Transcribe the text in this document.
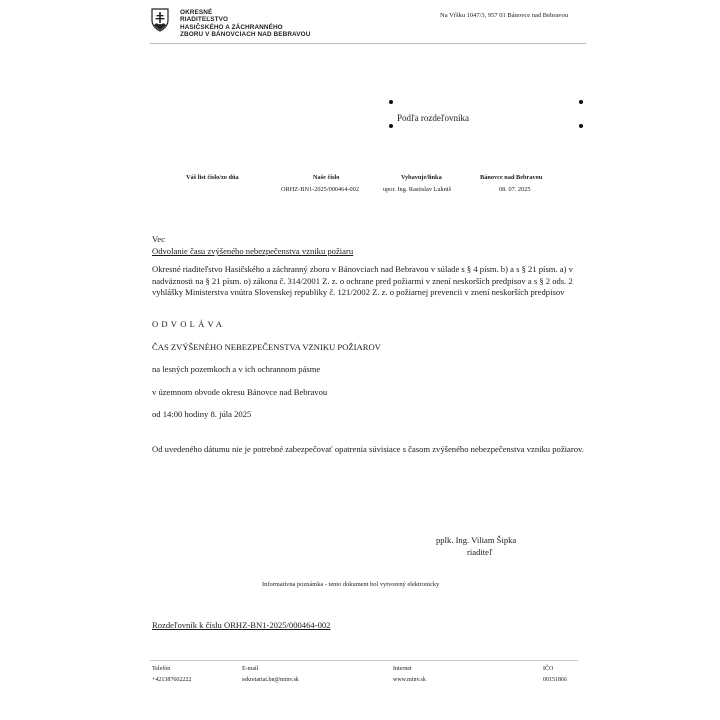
OKRESNÉ
RIADITEĽSTVO
HASIČSKÉHO A ZÁCHRANNÉHO
ZBORU V BÁNOVCIACH NAD BEBRAVOU
Na Vŕšku 1047/3, 957 01 Bánovce nad Bebravou
Podľa rozdeľovníka
Váš list číslo/zo dňa	Naše číslo
ORHZ-BN1-2025/000464-002
Vybavuje/linka
upor. Ing. Rastislav Lukniš
Bánovce nad Bebravou
08. 07. 2025
Vec
Odvolanie času zvýšeného nebezpečenstva vzniku požiaru
Okresné riaditeľstvo Hasičského a záchranný zboru v Bánovciach nad Bebravou v súlade s § 4 písm. b) a s § 21 písm. a) v nadväznosti na § 21 písm. o) zákona č. 314/2001 Z. z. o ochrane pred požiarmi v znení neskorších predpisov a s § 2 ods. 2 vyhlášky Ministerstva vnútra Slovenskej republiky č. 121/2002 Z. z. o požiarnej prevencii v znení neskorších predpisov
ODVOLÁVA
ČAS ZVÝŠENÉHO NEBEZPEČENSTVA VZNIKU POŽIAROV
na lesných pozemkoch a v ich ochrannom pásme
v územnom obvode okresu Bánovce nad Bebravou
od 14:00 hodiny 8. júla 2025
Od uvedeného dátumu nie je potrebné zabezpečovať opatrenia súvisiace s časom zvýšeného nebezpečenstva vzniku požiarov.
pplk. Ing. Viliam Šipka
riaditeľ
Informatívna poznámka - tento dokument bol vytvorený elektronicky
Rozdeľovník k číslu ORHZ-BN1-2025/000464-002
Telefón
+421387602222
E-mail
sekretariat.bn@minv.sk
Internet
www.minv.sk
IČO
00151866
